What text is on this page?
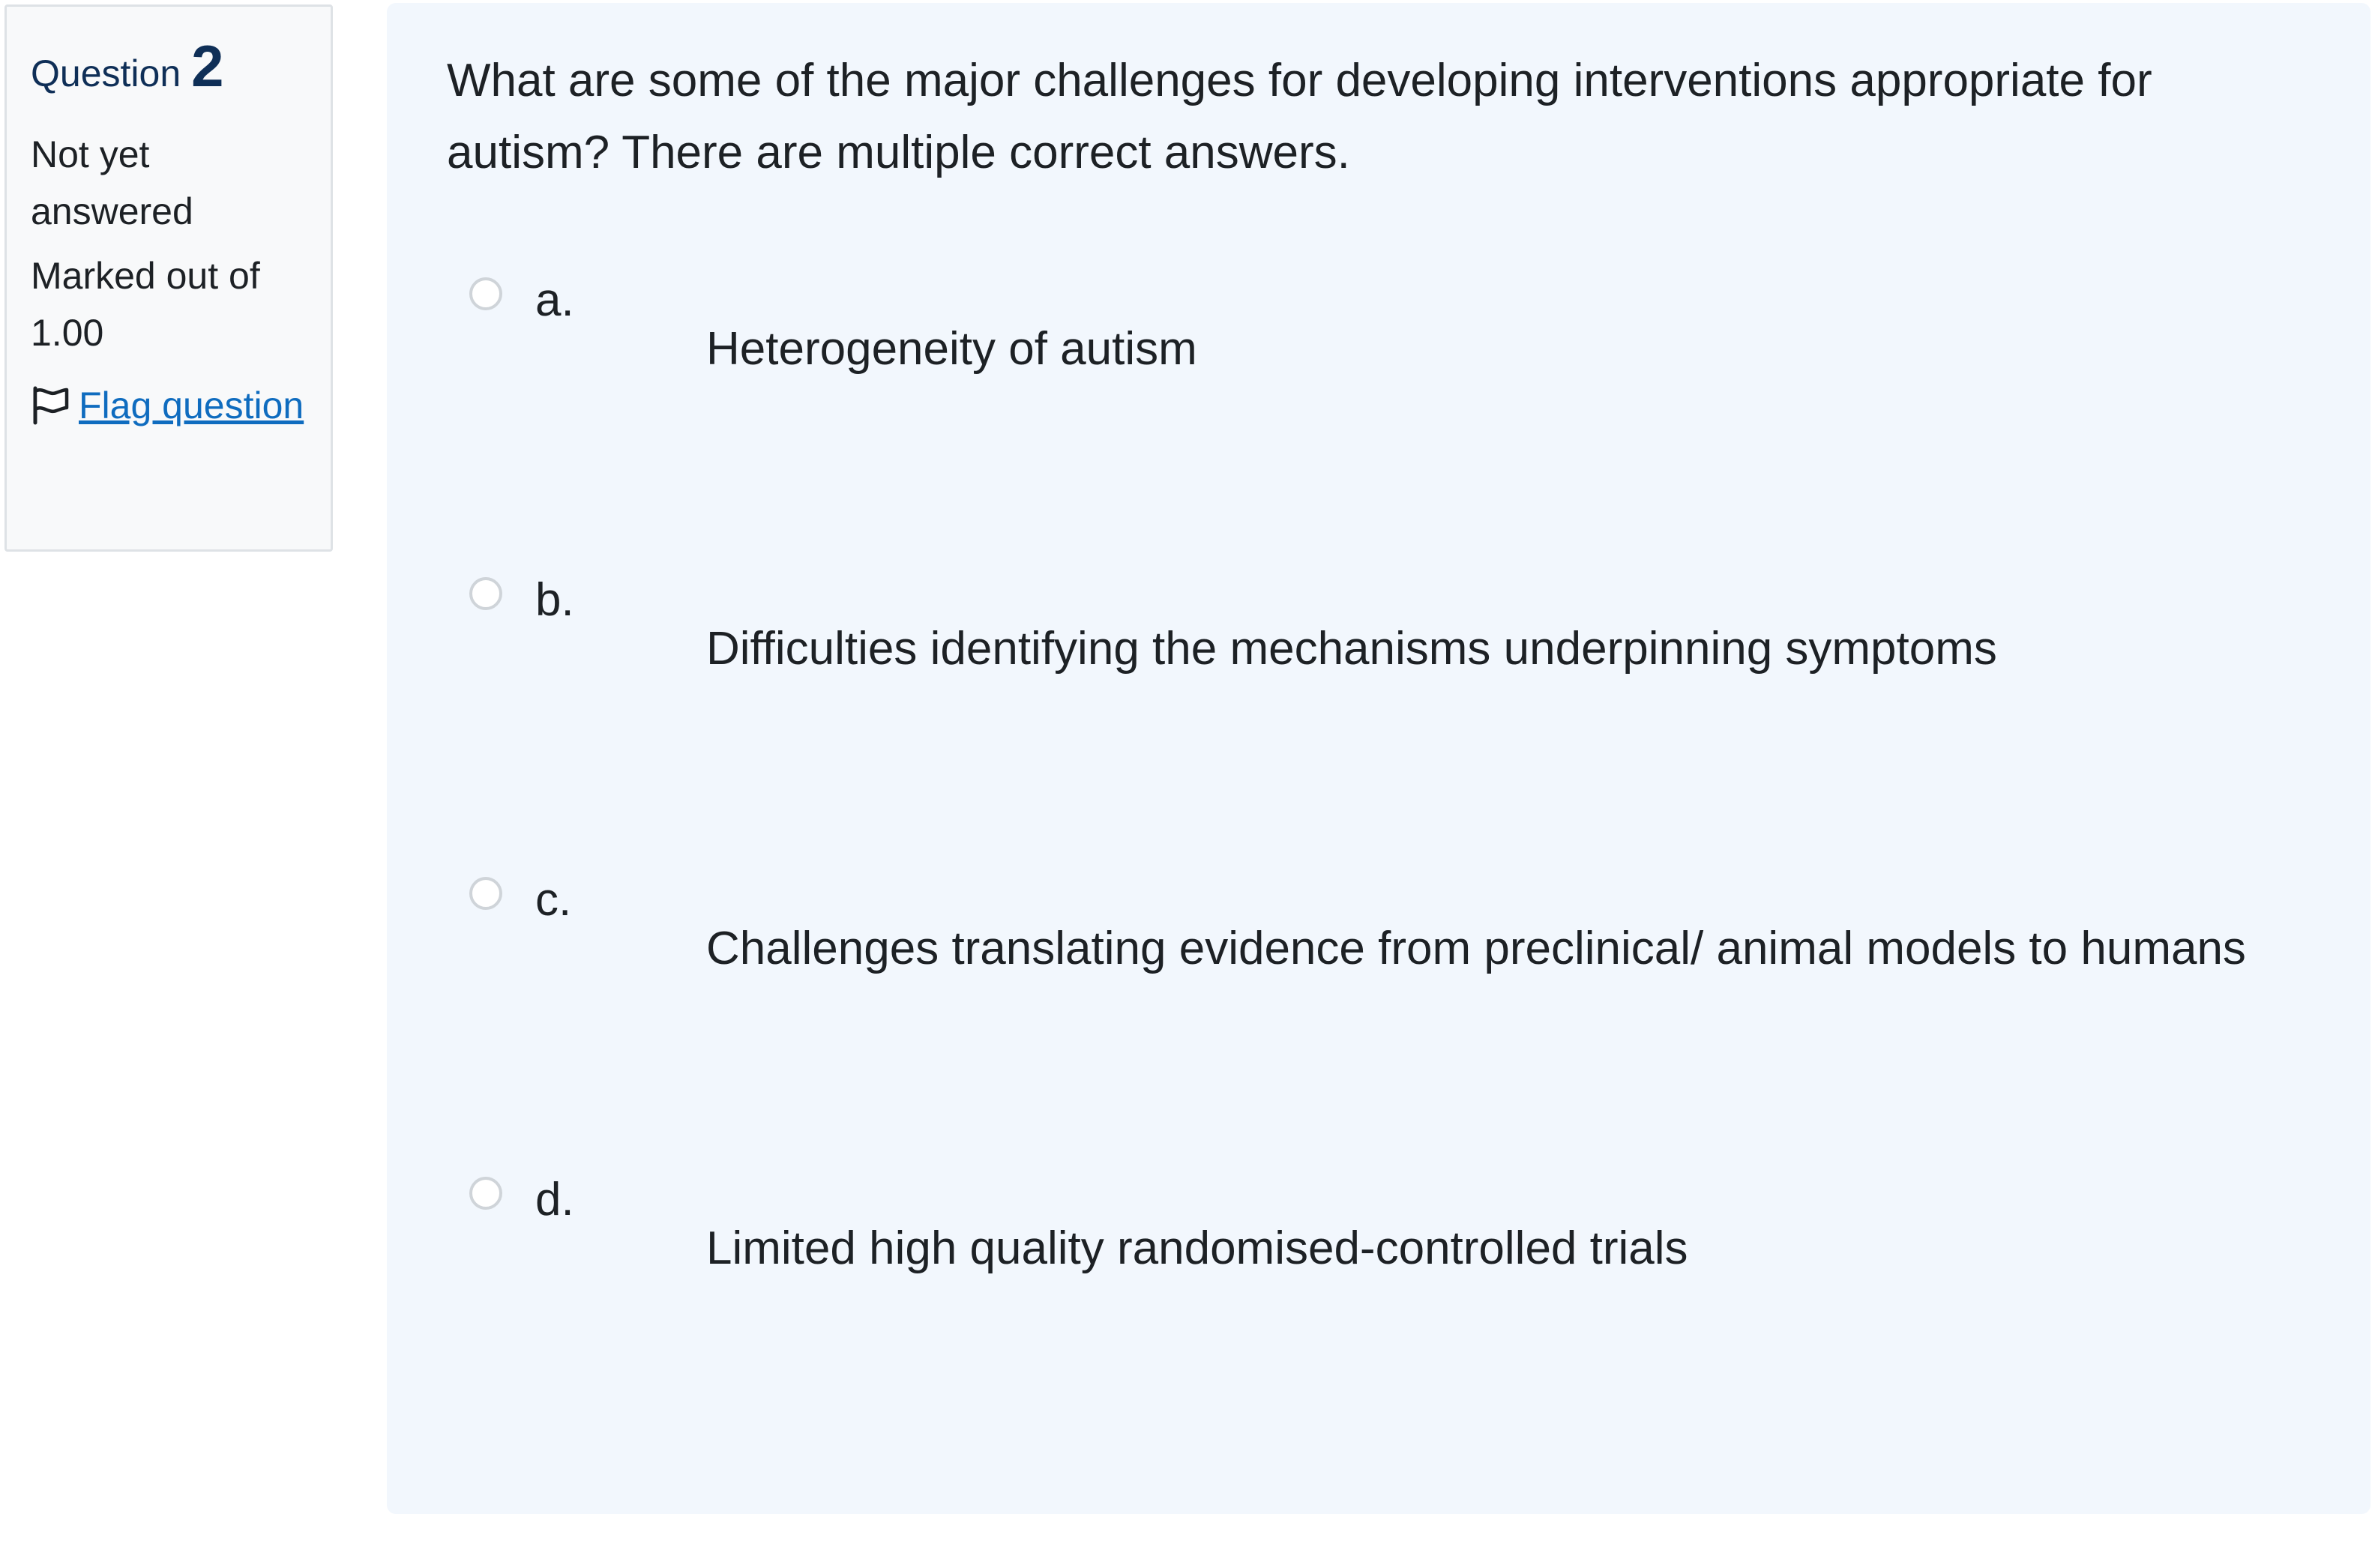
Question 2
Not yet answered
Marked out of 1.00
Flag question

What are some of the major challenges for developing interventions appropriate for autism? There are multiple correct answers.

a.
Heterogeneity of autism
b.
Difficulties identifying the mechanisms underpinning symptoms
c.
Challenges translating evidence from preclinical/ animal models to humans
d.
Limited high quality randomised-controlled trials
